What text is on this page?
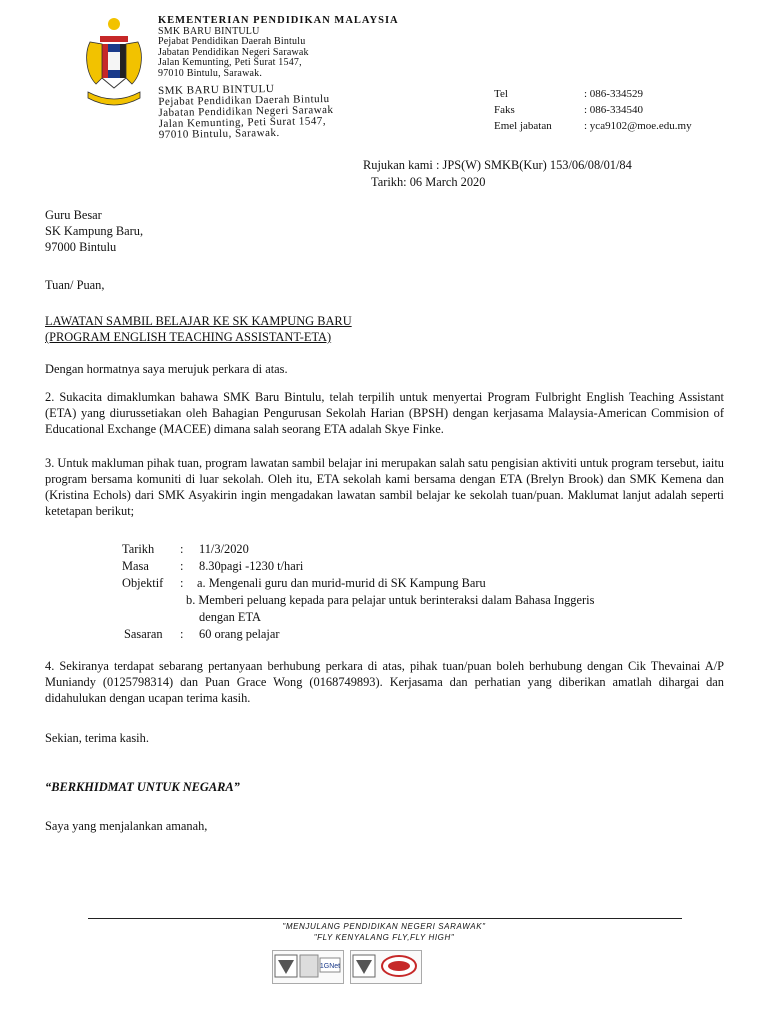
KEMENTERIAN PENDIDIKAN MALAYSIA
SMK BARU BINTULU
Pejabat Pendidikan Daerah Bintulu
Jabatan Pendidikan Negeri Sarawak
Jalan Kemunting, Peti Surat 1547,
97010 Bintulu, Sarawak.
SMK BARU BINTULU
Pejabat Pendidikan Daerah Bintulu
Jabatan Pendidikan Negeri Sarawak
Jalan Kemunting, Peti Surat 1547,
97010 Bintulu, Sarawak.
Tel	: 086-334529
Faks	: 086-334540
Emel jabatan	: yca9102@moe.edu.my
Rujukan kami : JPS(W) SMKB(Kur) 153/06/08/01/84
Tarikh: 06 March 2020
Guru Besar
SK Kampung Baru,
97000 Bintulu
Tuan/ Puan,
LAWATAN SAMBIL BELAJAR KE SK KAMPUNG BARU
(PROGRAM ENGLISH TEACHING ASSISTANT-ETA)
Dengan hormatnya saya merujuk perkara di atas.
2. Sukacita dimaklumkan bahawa SMK Baru Bintulu, telah terpilih untuk menyertai Program Fulbright English Teaching Assistant (ETA) yang diurussetiakan oleh Bahagian Pengurusan Sekolah Harian (BPSH) dengan kerjasama Malaysia-American Commision of Educational Exchange (MACEE) dimana salah seorang ETA adalah Skye Finke.
3. Untuk makluman pihak tuan, program lawatan sambil belajar ini merupakan salah satu pengisian aktiviti untuk program tersebut, iaitu program bersama komuniti di luar sekolah. Oleh itu, ETA sekolah kami bersama dengan ETA (Brelyn Brook) dan SMK Kemena dan (Kristina Echols) dari SMK Asyakirin ingin mengadakan lawatan sambil belajar ke sekolah tuan/puan. Maklumat lanjut adalah seperti ketetapan berikut;
Tarikh : 11/3/2020
Masa	: 8.30pagi -1230 t/hari
Objektif : a. Mengenali guru dan murid-murid di SK Kampung Baru
b. Memberi peluang kepada para pelajar untuk berinteraksi dalam Bahasa Inggeris
dengan ETA
Sasaran : 60 orang pelajar
4. Sekiranya terdapat sebarang pertanyaan berhubung perkara di atas, pihak tuan/puan boleh berhubung dengan Cik Thevainai A/P Muniandy (0125798314) dan Puan Grace Wong (0168749893). Kerjasama dan perhatian yang diberikan amatlah dihargai dan didahulukan dengan ucapan terima kasih.
Sekian, terima kasih.
“BERKHIDMAT UNTUK NEGARA”
Saya yang menjalankan amanah,
"MENJULANG PENDIDIKAN NEGERI SARAWAK"
"FLY KENYALANG FLY,FLY HIGH"
1GNet
